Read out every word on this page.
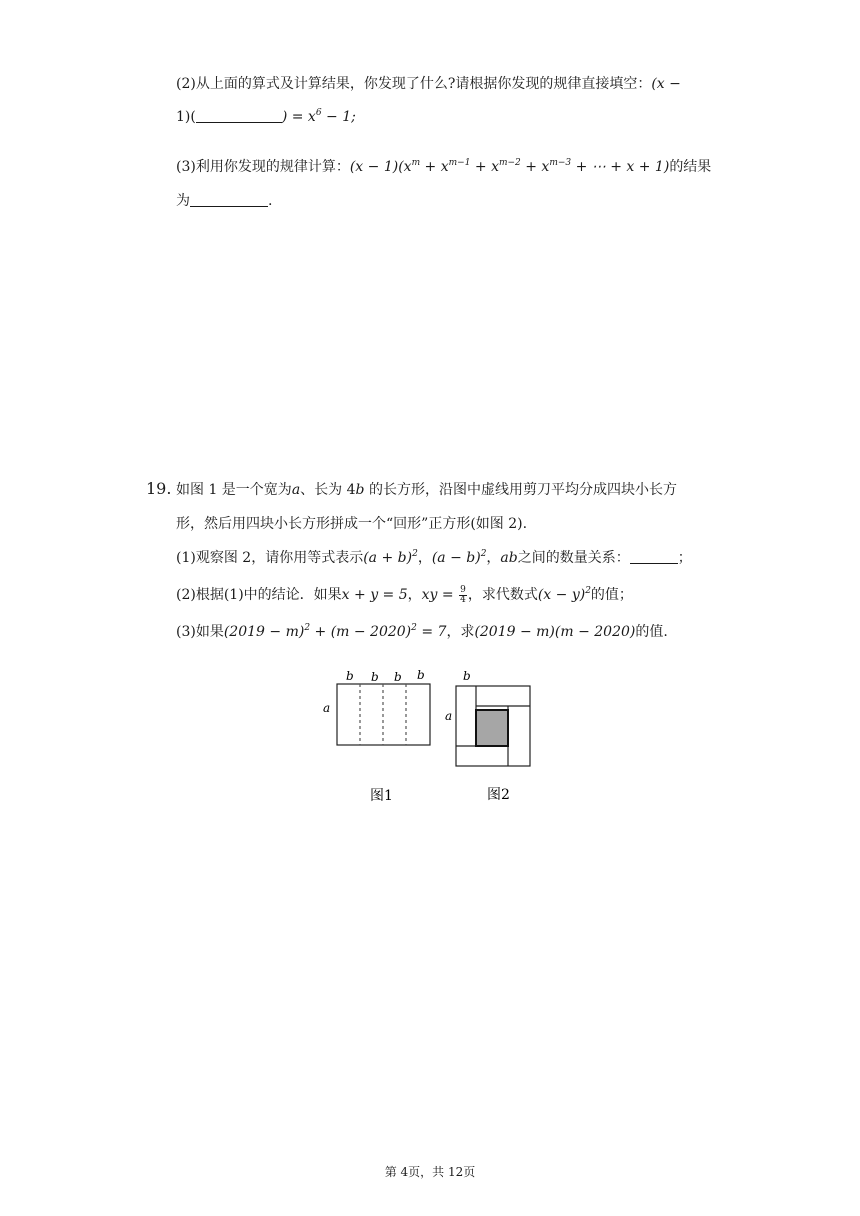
(2)从上面的算式及计算结果，你发现了什么?请根据你发现的规律直接填空：(x −
1)(	) = $x^6 - 1$;
(3)利用你发现的规律计算：$(x - 1)(x^m + x^{m-1} + x^{m-2} + x^{m-3}$ + ⋯ + x + 1)的结果
为	.
19. 如图 1 是一个宽为a、长为 4b 的长方形，沿图中虚线用剪刀平均分成四块小长方
形，然后用四块小长方形拼成一个“回形”正方形(如图 2).
(1)观察图 2，请你用等式表示$(a + b)^2$，$(a - b)^2$，ab之间的数量关系：	；
(2)根据(1)中的结论．如果x + y = 5，xy = $\frac{9}{4}$ ，求代数式$(x - y)^2$的值；
(3)如果$(2019 - m)^2 + (m - 2020)^2 = 7$，求(2019 − m)(m − 2020)的值.
b b b b
a
图1
b
a
图2
第 4页，共 12页
